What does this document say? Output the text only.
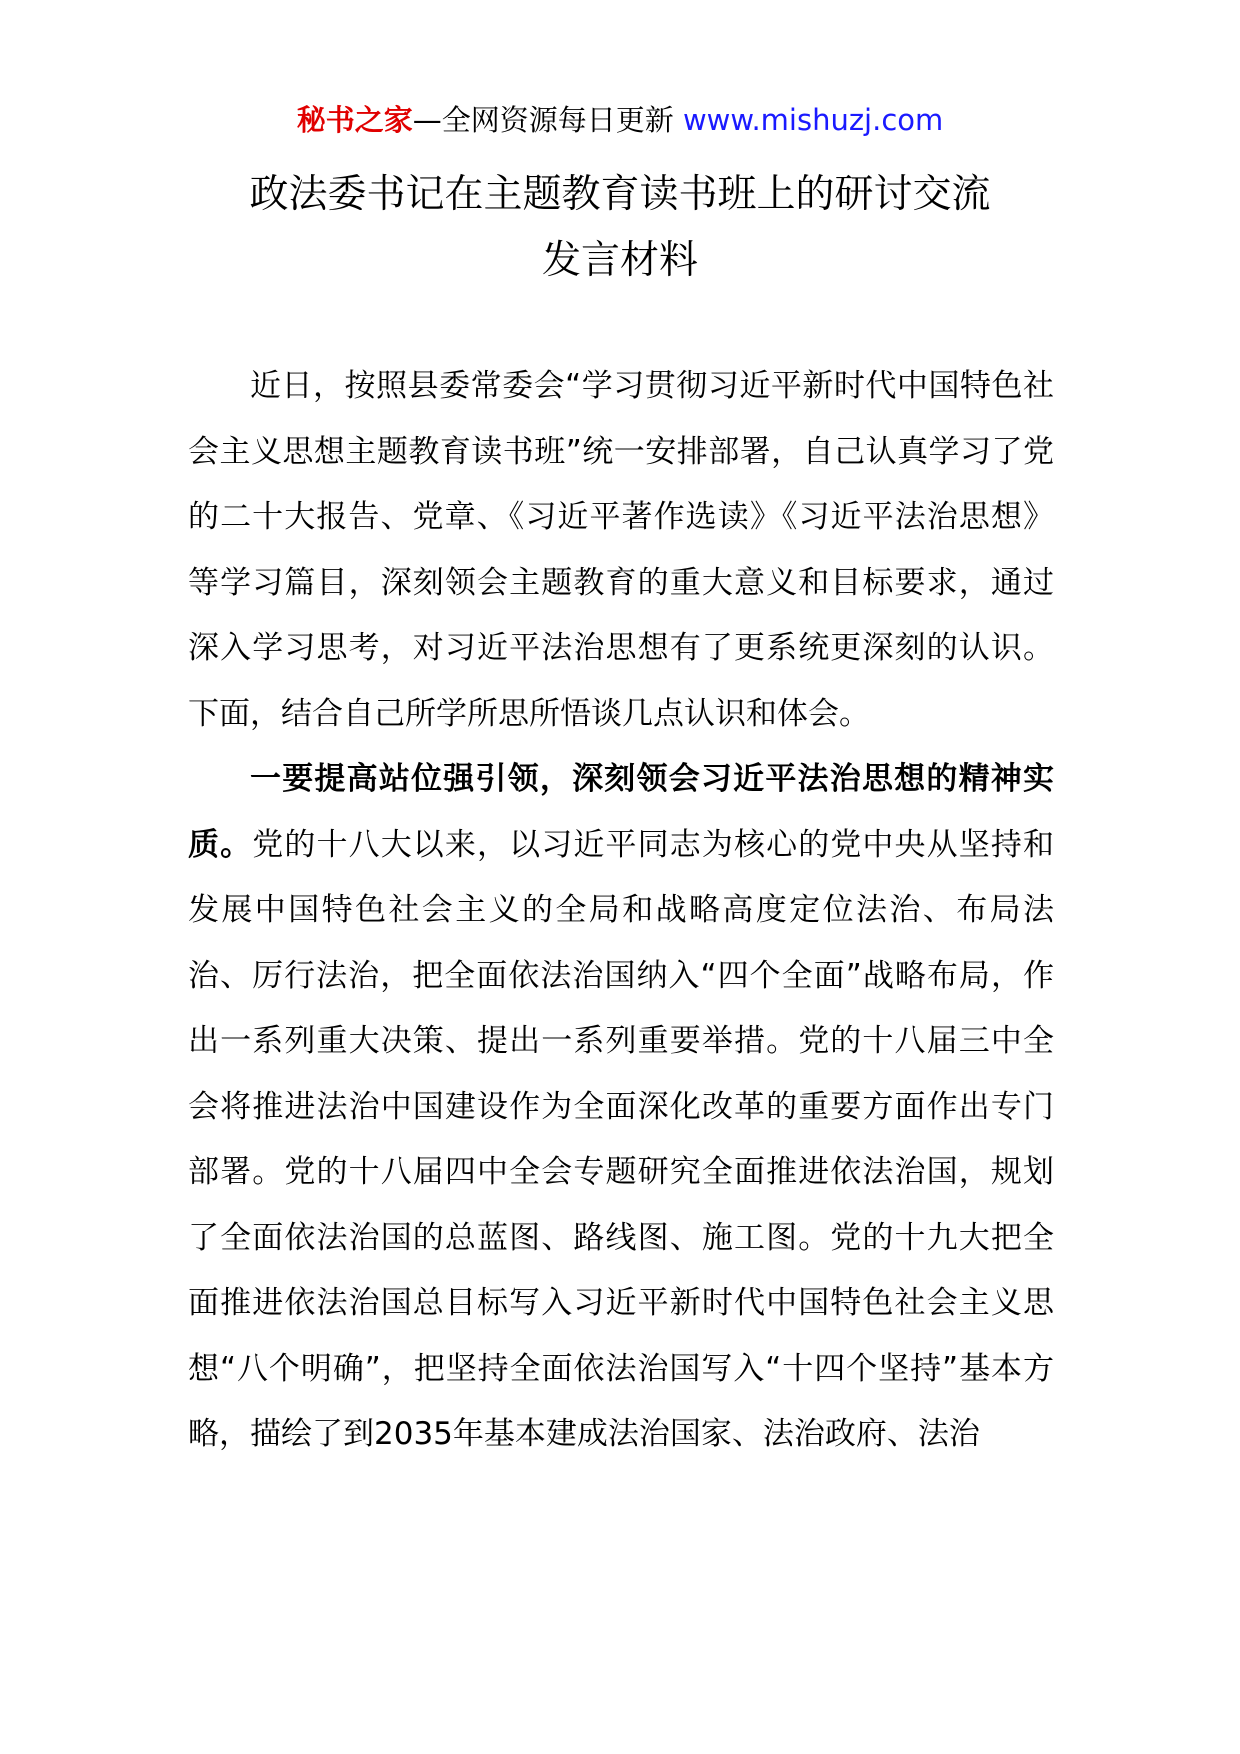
秘书之家—全网资源每日更新 www.mishuzj.com
政法委书记在主题教育读书班上的研讨交流
发言材料

近日，按照县委常委会“学习贯彻习近平新时代中国特色社会主义思想主题教育读书班”统一安排部署，自己认真学习了党的二十大报告、党章、《习近平著作选读》《习近平法治思想》等学习篇目，深刻领会主题教育的重大意义和目标要求，通过深入学习思考，对习近平法治思想有了更系统更深刻的认识。下面，结合自己所学所思所悟谈几点认识和体会。

一要提高站位强引领，深刻领会习近平法治思想的精神实质。党的十八大以来，以习近平同志为核心的党中央从坚持和发展中国特色社会主义的全局和战略高度定位法治、布局法治、厉行法治，把全面依法治国纳入“四个全面”战略布局，作出一系列重大决策、提出一系列重要举措。党的十八届三中全会将推进法治中国建设作为全面深化改革的重要方面作出专门部署。党的十八届四中全会专题研究全面推进依法治国，规划了全面依法治国的总蓝图、路线图、施工图。党的十九大把全面推进依法治国总目标写入习近平新时代中国特色社会主义思想“八个明确”，把坚持全面依法治国写入“十四个坚持”基本方略，描绘了到2035年基本建成法治国家、法治政府、法治
